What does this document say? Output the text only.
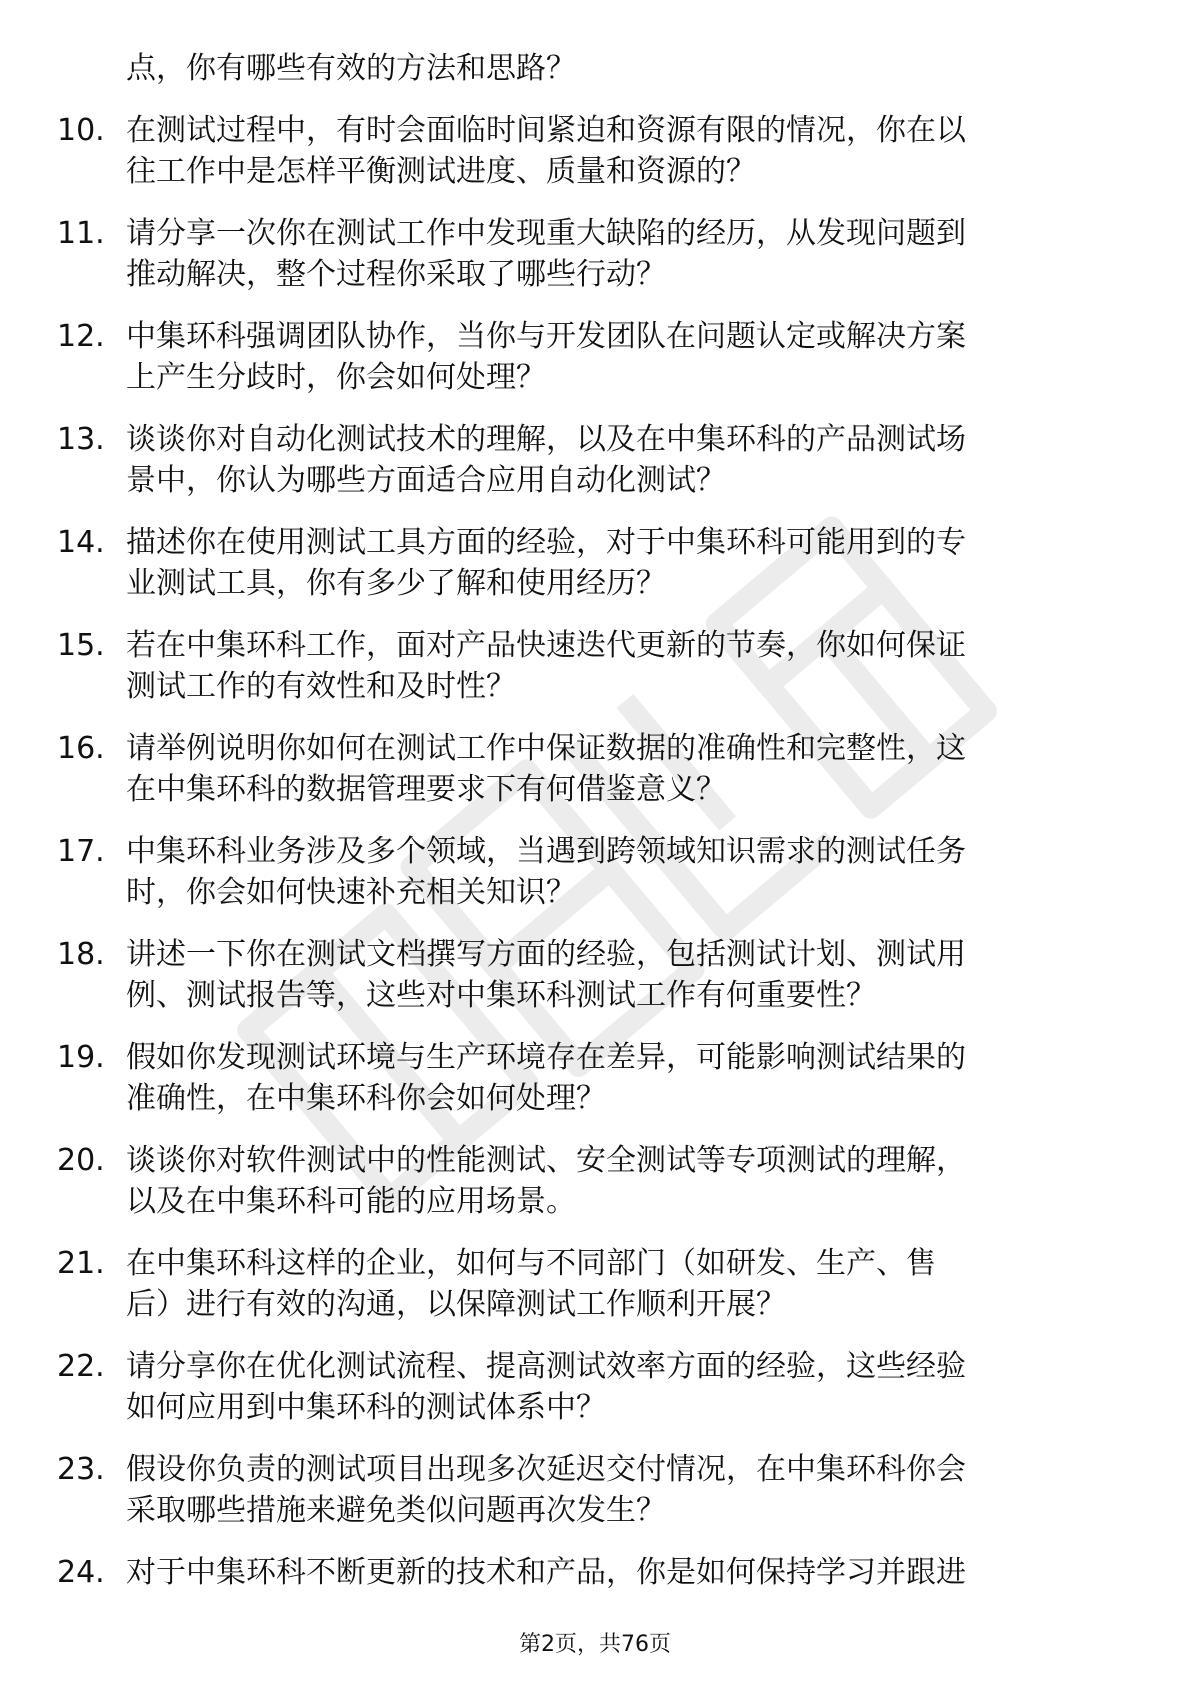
点，你有哪些有效的方法和思路？
10. 在测试过程中，有时会面临时间紧迫和资源有限的情况，你在以
往工作中是怎样平衡测试进度、质量和资源的？
11. 请分享一次你在测试工作中发现重大缺陷的经历，从发现问题到
推动解决，整个过程你采取了哪些行动？
12. 中集环科强调团队协作，当你与开发团队在问题认定或解决方案
上产生分歧时，你会如何处理？
13. 谈谈你对自动化测试技术的理解，以及在中集环科的产品测试场
景中，你认为哪些方面适合应用自动化测试？
14. 描述你在使用测试工具方面的经验，对于中集环科可能用到的专
业测试工具，你有多少了解和使用经历？
15. 若在中集环科工作，面对产品快速迭代更新的节奏，你如何保证
测试工作的有效性和及时性？
16. 请举例说明你如何在测试工作中保证数据的准确性和完整性，这
在中集环科的数据管理要求下有何借鉴意义？
17. 中集环科业务涉及多个领域，当遇到跨领域知识需求的测试任务
时，你会如何快速补充相关知识？
18. 讲述一下你在测试文档撰写方面的经验，包括测试计划、测试用
例、测试报告等，这些对中集环科测试工作有何重要性？
19. 假如你发现测试环境与生产环境存在差异，可能影响测试结果的
准确性，在中集环科你会如何处理？
20. 谈谈你对软件测试中的性能测试、安全测试等专项测试的理解，
以及在中集环科可能的应用场景。
21. 在中集环科这样的企业，如何与不同部门（如研发、生产、售
后）进行有效的沟通，以保障测试工作顺利开展？
22. 请分享你在优化测试流程、提高测试效率方面的经验，这些经验
如何应用到中集环科的测试体系中？
23. 假设你负责的测试项目出现多次延迟交付情况，在中集环科你会
采取哪些措施来避免类似问题再次发生？
24. 对于中集环科不断更新的技术和产品，你是如何保持学习并跟进
第2页，共76页
